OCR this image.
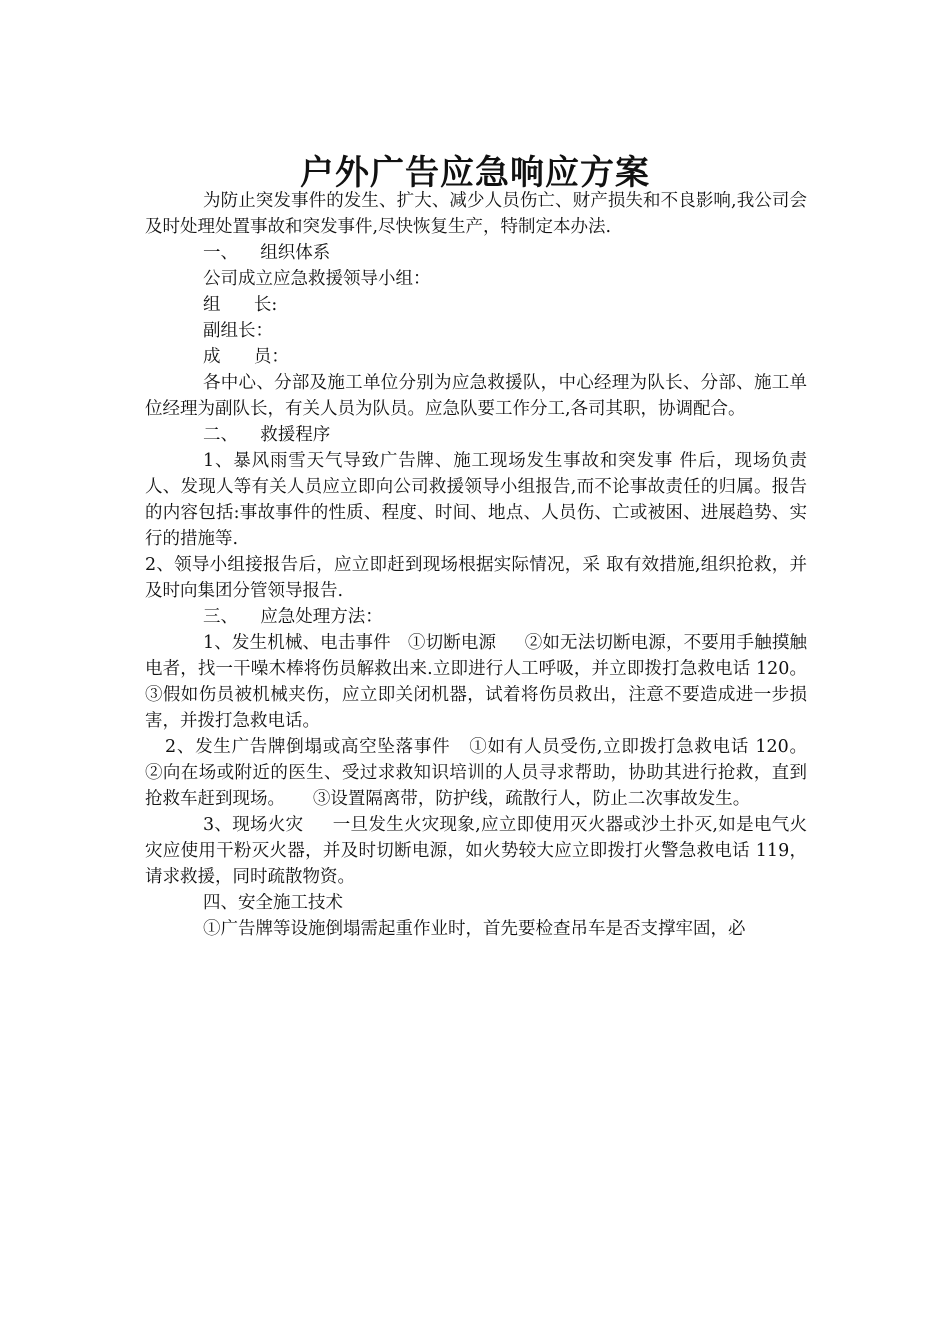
户外广告应急响应方案

为防止突发事件的发生、扩大、减少人员伤亡、财产损失和不良影响,我公司会及时处理处置事故和突发事件,尽快恢复生产，特制定本办法.

一、    组织体系

公司成立应急救援领导小组：

组      长:

副组长：

成      员：

各中心、分部及施工单位分别为应急救援队，中心经理为队长、分部、施工单位经理为副队长，有关人员为队员。应急队要工作分工,各司其职，协调配合。

二、    救援程序

1、暴风雨雪天气导致广告牌、施工现场发生事故和突发事 件后，现场负责人、发现人等有关人员应立即向公司救援领导小组报告,而不论事故责任的归属。报告的内容包括:事故事件的性质、程度、时间、地点、人员伤、亡或被困、进展趋势、实行的措施等.

2、领导小组接报告后，应立即赶到现场根据实际情况，采 取有效措施,组织抢救，并及时向集团分管领导报告.

三、    应急处理方法：

1、发生机械、电击事件   ①切断电源     ②如无法切断电源，不要用手触摸触电者，找一干噪木棒将伤员解救出来.立即进行人工呼吸，并立即拨打急救电话 120。     ③假如伤员被机械夹伤，应立即关闭机器，试着将伤员救出，注意不要造成进一步损害，并拨打急救电话。

2、发生广告牌倒塌或高空坠落事件   ①如有人员受伤,立即拨打急救电话 120。     ②向在场或附近的医生、受过求救知识培训的人员寻求帮助，协助其进行抢救，直到抢救车赶到现场。     ③设置隔离带，防护线，疏散行人，防止二次事故发生。

3、现场火灾     一旦发生火灾现象,应立即使用灭火器或沙土扑灭,如是电气火灾应使用干粉灭火器，并及时切断电源，如火势较大应立即拨打火警急救电话 119，请求救援，同时疏散物资。

四、安全施工技术

①广告牌等设施倒塌需起重作业时，首先要检查吊车是否支撑牢固，必
